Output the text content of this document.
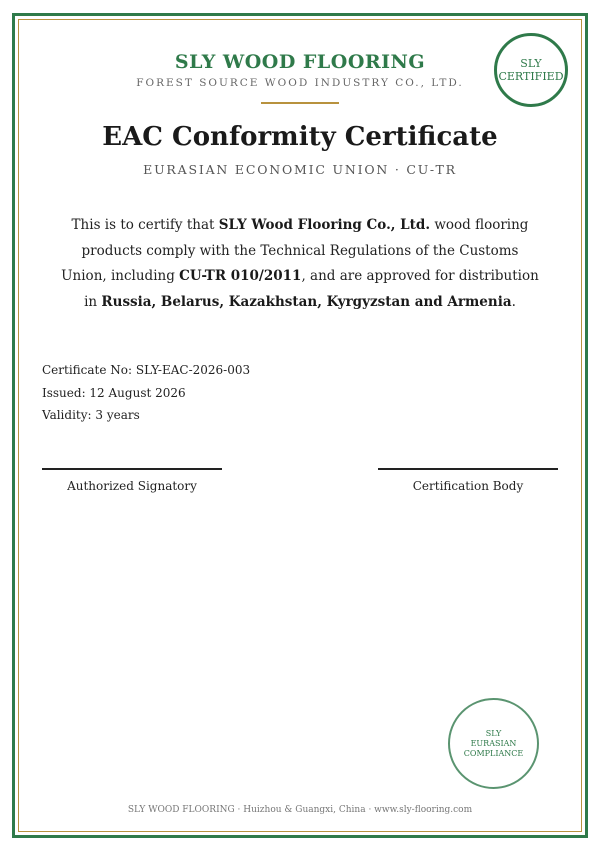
SLY WOOD FLOORING
FOREST SOURCE WOOD INDUSTRY CO., LTD.
SLY
CERTIFIED
EAC Conformity Certificate
EURASIAN ECONOMIC UNION · CU-TR
This is to certify that SLY Wood Flooring Co., Ltd. wood flooring products comply with the Technical Regulations of the Customs Union, including CU-TR 010/2011, and are approved for distribution in Russia, Belarus, Kazakhstan, Kyrgyzstan and Armenia.
Certificate No: SLY-EAC-2026-003
Issued: 12 August 2026
Validity: 3 years
Authorized Signatory	Certification Body
SLY
EURASIAN
COMPLIANCE
SLY WOOD FLOORING · Huizhou & Guangxi, China · www.sly-flooring.com
